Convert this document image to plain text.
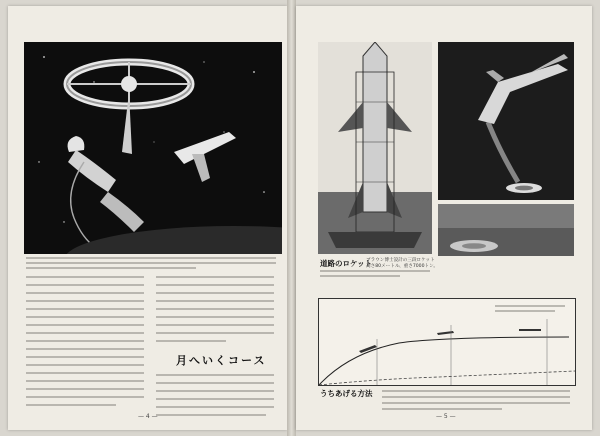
月へいくコース
— 4 —
道路のロケット
ブラウン博士設計の三段ロケット 高さ80メートル、重さ7000トン。
うちあげる方法
— 5 —
